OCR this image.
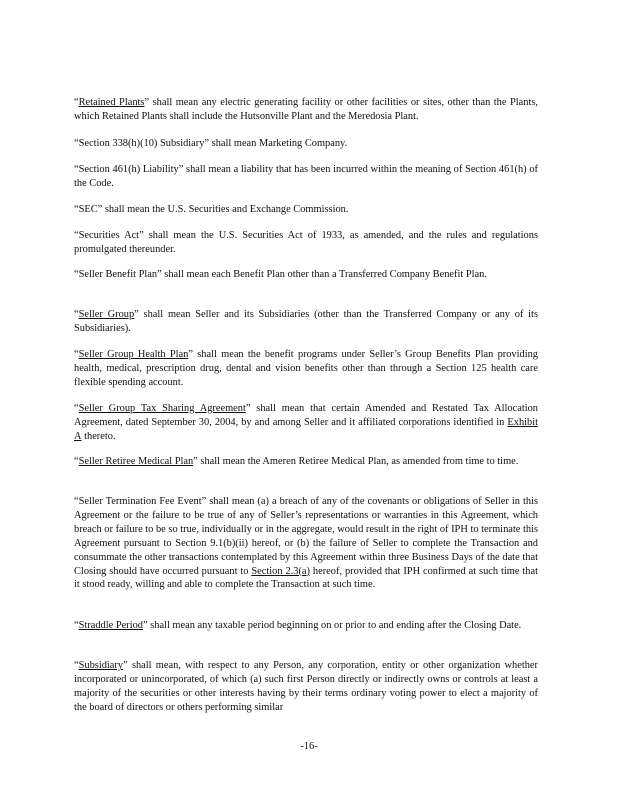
“Retained Plants” shall mean any electric generating facility or other facilities or sites, other than the Plants, which Retained Plants shall include the Hutsonville Plant and the Meredosia Plant.
“Section 338(h)(10) Subsidiary” shall mean Marketing Company.
“Section 461(h) Liability” shall mean a liability that has been incurred within the meaning of Section 461(h) of the Code.
“SEC” shall mean the U.S. Securities and Exchange Commission.
“Securities Act” shall mean the U.S. Securities Act of 1933, as amended, and the rules and regulations promulgated thereunder.
“Seller Benefit Plan” shall mean each Benefit Plan other than a Transferred Company Benefit Plan.
“Seller Group” shall mean Seller and its Subsidiaries (other than the Transferred Company or any of its Subsidiaries).
“Seller Group Health Plan” shall mean the benefit programs under Seller’s Group Benefits Plan providing health, medical, prescription drug, dental and vision benefits other than through a Section 125 health care flexible spending account.
“Seller Group Tax Sharing Agreement” shall mean that certain Amended and Restated Tax Allocation Agreement, dated September 30, 2004, by and among Seller and it affiliated corporations identified in Exhibit A thereto.
“Seller Retiree Medical Plan” shall mean the Ameren Retiree Medical Plan, as amended from time to time.
“Seller Termination Fee Event” shall mean (a) a breach of any of the covenants or obligations of Seller in this Agreement or the failure to be true of any of Seller’s representations or warranties in this Agreement, which breach or failure to be so true, individually or in the aggregate, would result in the right of IPH to terminate this Agreement pursuant to Section 9.1(b)(ii) hereof, or (b) the failure of Seller to complete the Transaction and consummate the other transactions contemplated by this Agreement within three Business Days of the date that Closing should have occurred pursuant to Section 2.3(a) hereof, provided that IPH confirmed at such time that it stood ready, willing and able to complete the Transaction at such time.
“Straddle Period” shall mean any taxable period beginning on or prior to and ending after the Closing Date.
“Subsidiary” shall mean, with respect to any Person, any corporation, entity or other organization whether incorporated or unincorporated, of which (a) such first Person directly or indirectly owns or controls at least a majority of the securities or other interests having by their terms ordinary voting power to elect a majority of the board of directors or others performing similar
-16-
